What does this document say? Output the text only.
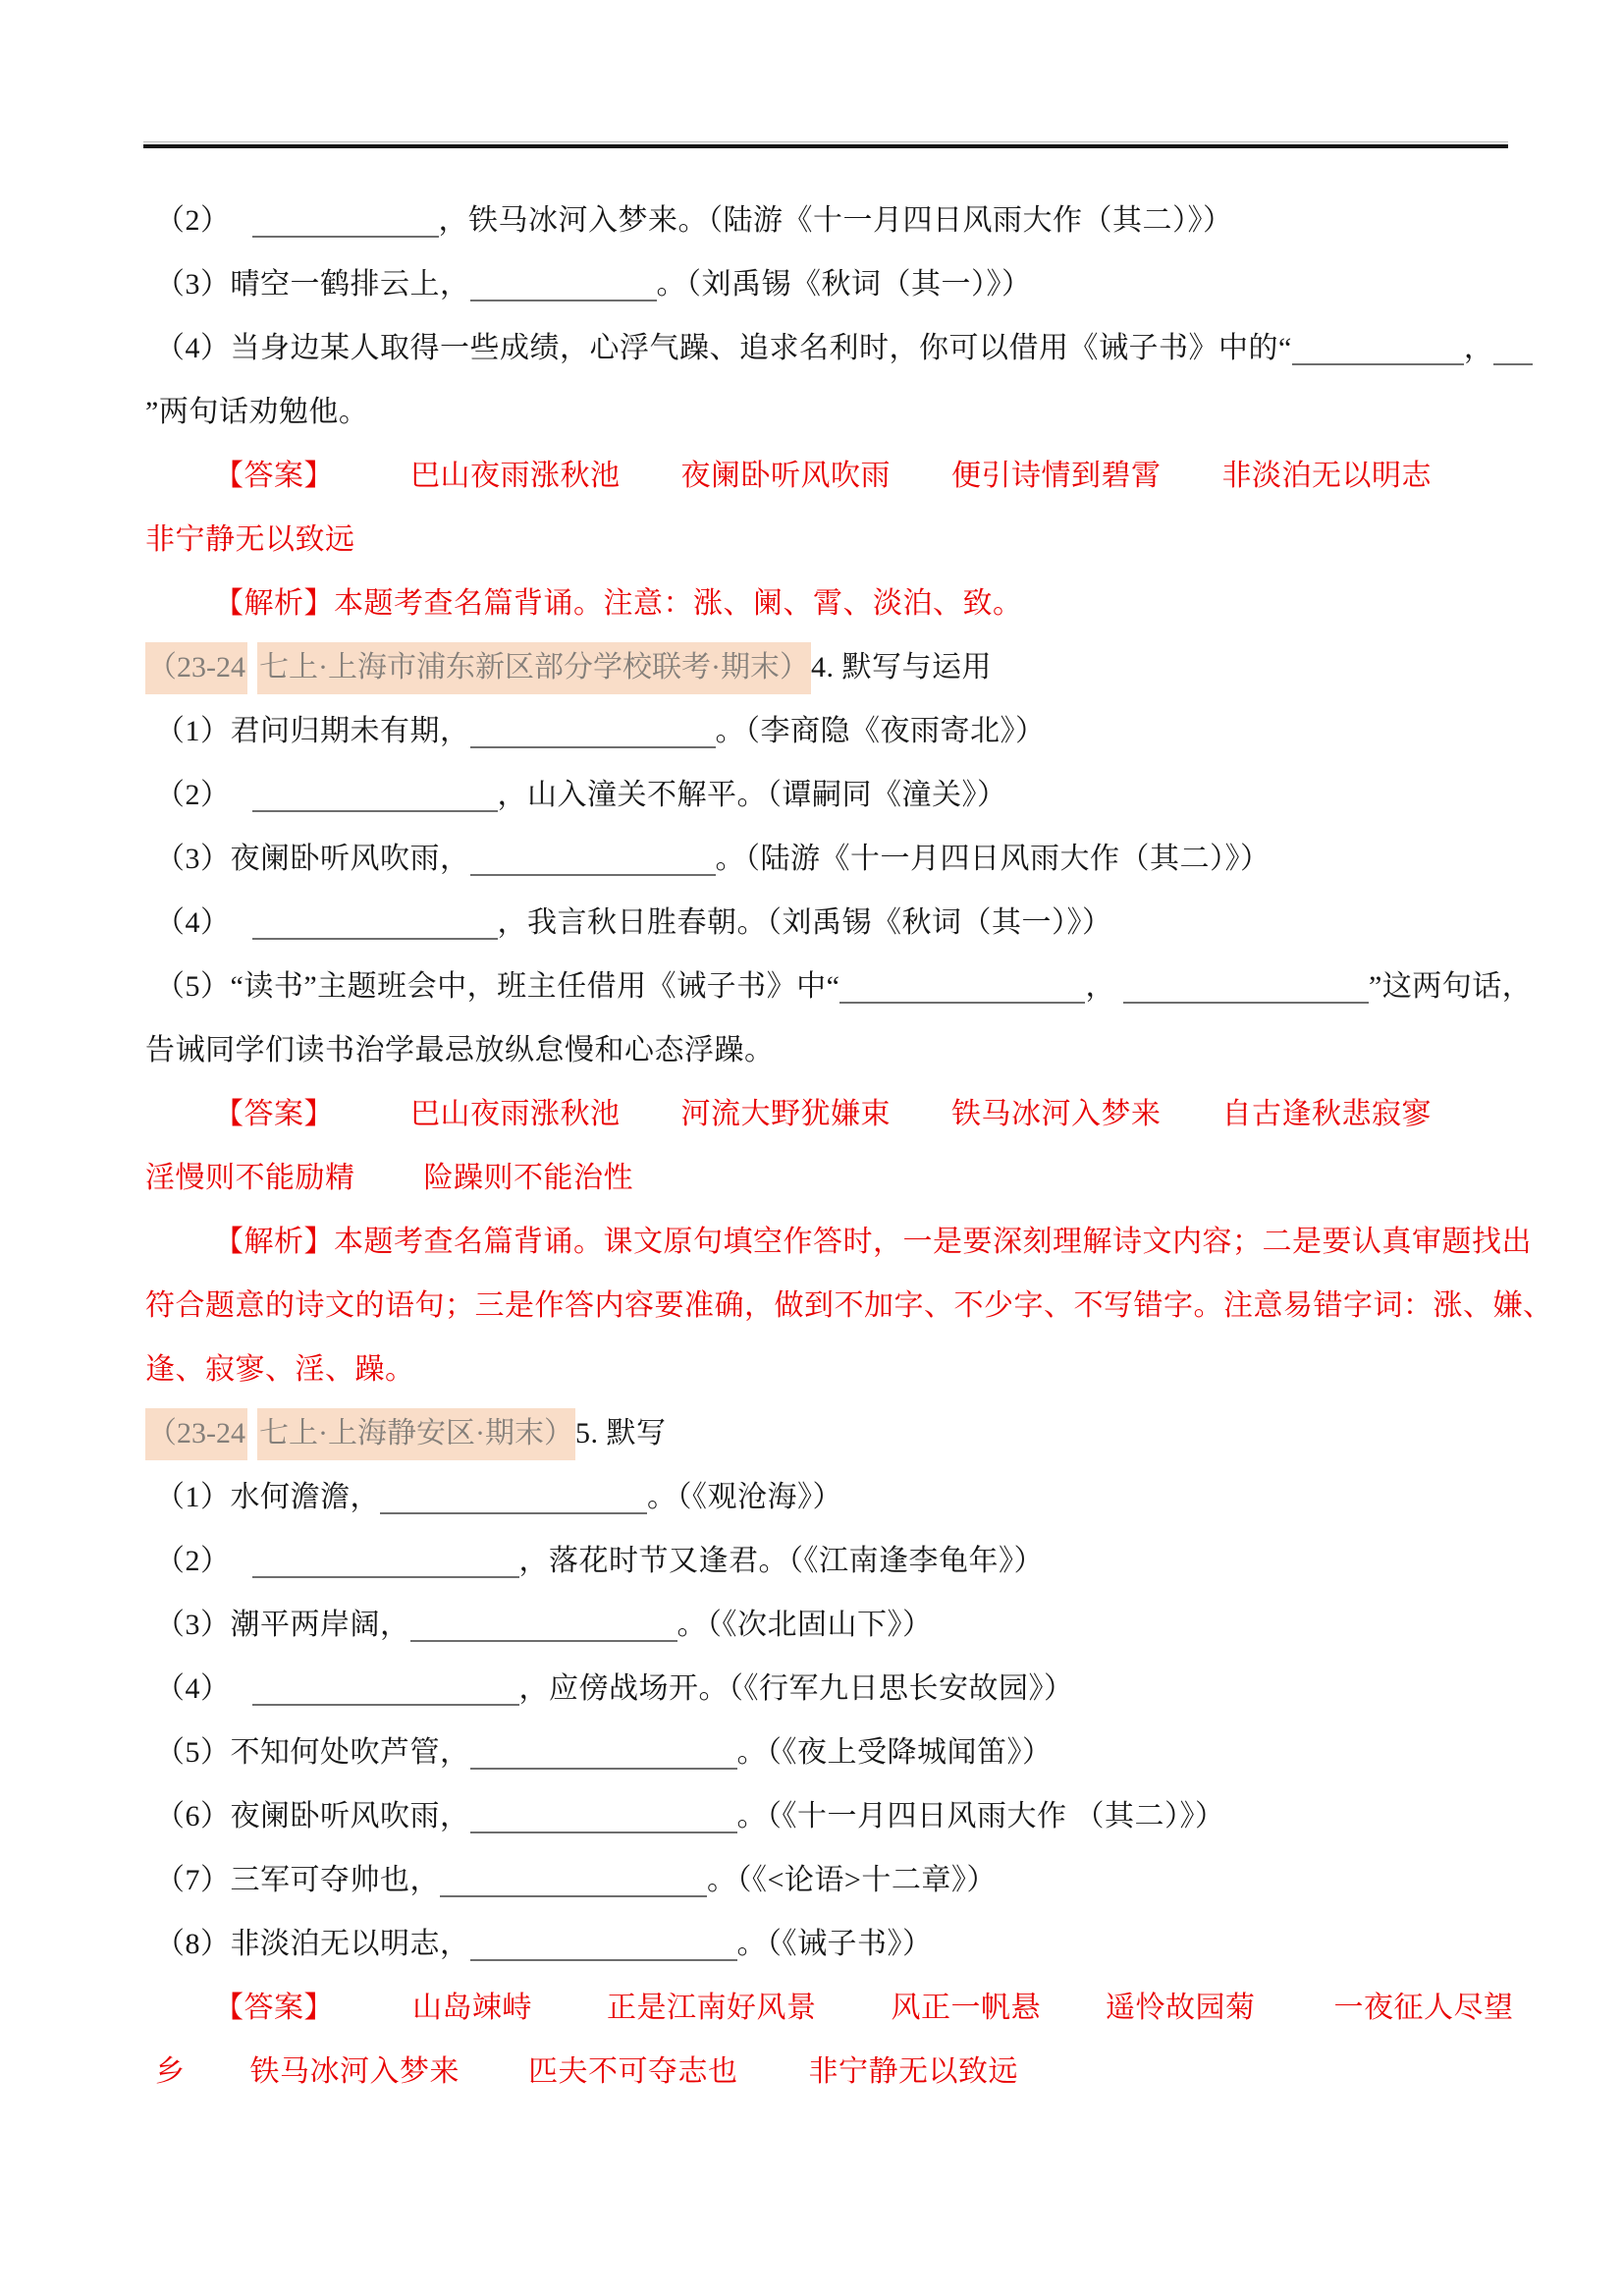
（2）	，铁马冰河入梦来。（陆游《十一月四日风雨大作（其二）》）
（3）晴空一鹤排云上，	。（刘禹锡《秋词（其一）》）
（4）当身边某人取得一些成绩，心浮气躁、追求名利时，你可以借用《诫子书》中的“	，
”两句话劝勉他。
【答案】	巴山夜雨涨秋池 夜阑卧听风吹雨 便引诗情到碧霄 非淡泊无以明志
非宁静无以致远
【解析】本题考查名篇背诵。注意：涨、阑、霄、淡泊、致。
（23-24 七上·上海市浦东新区部分学校联考·期末）4. 默写与运用
（1）君问归期未有期，	。（李商隐《夜雨寄北》）
（2）	，山入潼关不解平。（谭嗣同《潼关》）
（3）夜阑卧听风吹雨，	。（陆游《十一月四日风雨大作（其二）》）
（4）	，我言秋日胜春朝。（刘禹锡《秋词（其一）》）
（5）“读书”主题班会中，班主任借用《诫子书》中“	，	”这两句话，
告诫同学们读书治学最忌放纵怠慢和心态浮躁。
【答案】	巴山夜雨涨秋池 河流大野犹嫌束 铁马冰河入梦来 自古逢秋悲寂寥
淫慢则不能励精 险躁则不能治性
【解析】本题考查名篇背诵。课文原句填空作答时，一是要深刻理解诗文内容；二是要认真审题找出
符合题意的诗文的语句；三是作答内容要准确，做到不加字、不少字、不写错字。注意易错字词：涨、嫌、
逢、寂寥、淫、躁。
（23-24 七上·上海静安区·期末）5. 默写
（1）水何澹澹，	。（《观沧海》）
（2）	，落花时节又逢君。（《江南逢李龟年》）
（3）潮平两岸阔，	。（《次北固山下》）
（4）	，应傍战场开。（《行军九日思长安故园》）
（5）不知何处吹芦管，	。（《夜上受降城闻笛》）
（6）夜阑卧听风吹雨，	。（《十一月四日风雨大作 （其二）》）
（7）三军可夺帅也，	。（《<论语>十二章》）
（8）非淡泊无以明志，	。（《诫子书》）
【答案】	山岛竦峙	正是江南好风景	风正一帆悬 遥怜故园菊	一夜征人尽望
乡 铁马冰河入梦来 匹夫不可夺志也 非宁静无以致远
